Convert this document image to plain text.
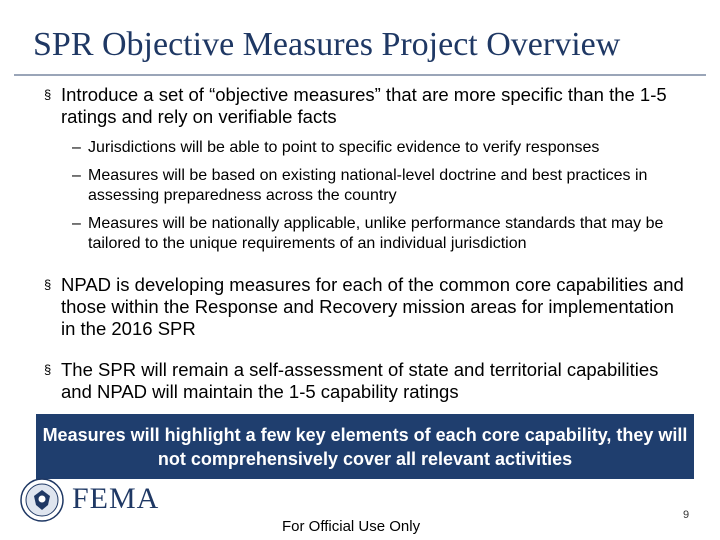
SPR Objective Measures Project Overview
§ Introduce a set of “objective measures” that are more specific than the 1-5 ratings and rely on verifiable facts
– Jurisdictions will be able to point to specific evidence to verify responses
– Measures will be based on existing national-level doctrine and best practices in assessing preparedness across the country
– Measures will be nationally applicable, unlike performance standards that may be tailored to the unique requirements of an individual jurisdiction
§ NPAD is developing measures for each of the common core capabilities and those within the Response and Recovery mission areas for implementation in the 2016 SPR
§ The SPR will remain a self-assessment of state and territorial capabilities and NPAD will maintain the 1-5 capability ratings
Measures will highlight a few key elements of each core capability, they will not comprehensively cover all relevant activities
FEMA
For Official Use Only
9
